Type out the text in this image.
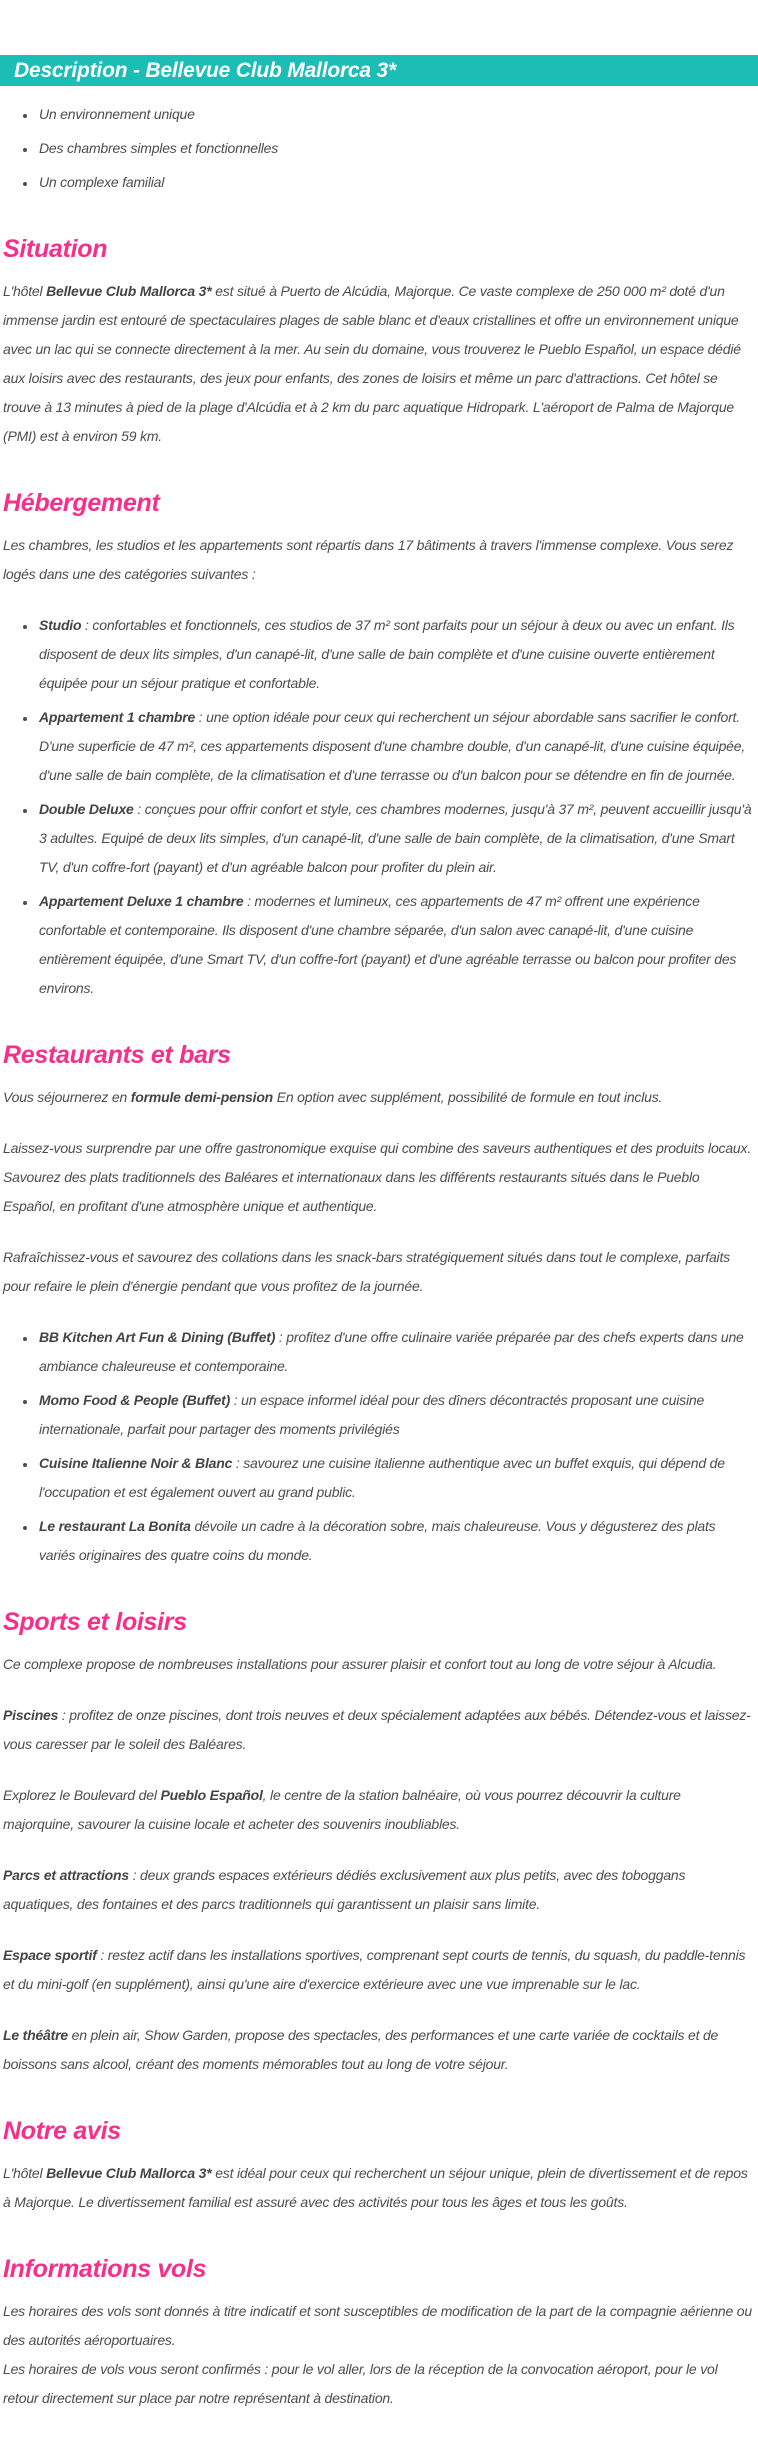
Description - Bellevue Club Mallorca 3*
• Un environnement unique
• Des chambres simples et fonctionnelles
• Un complexe familial
Situation

L'hôtel Bellevue Club Mallorca 3* est situé à Puerto de Alcúdia, Majorque. Ce vaste complexe de 250 000 m² doté d'un immense jardin est entouré de spectaculaires plages de sable blanc et d'eaux cristallines et offre un environnement unique avec un lac qui se connecte directement à la mer. Au sein du domaine, vous trouverez le Pueblo Español, un espace dédié aux loisirs avec des restaurants, des jeux pour enfants, des zones de loisirs et même un parc d'attractions. Cet hôtel se trouve à 13 minutes à pied de la plage d'Alcúdia et à 2 km du parc aquatique Hidropark. L'aéroport de Palma de Majorque (PMI) est à environ 59 km.

Hébergement

Les chambres, les studios et les appartements sont répartis dans 17 bâtiments à travers l'immense complexe. Vous serez logés dans une des catégories suivantes :

• Studio : confortables et fonctionnels, ces studios de 37 m² sont parfaits pour un séjour à deux ou avec un enfant. Ils disposent de deux lits simples, d'un canapé-lit, d'une salle de bain complète et d'une cuisine ouverte entièrement équipée pour un séjour pratique et confortable.
• Appartement 1 chambre : une option idéale pour ceux qui recherchent un séjour abordable sans sacrifier le confort. D'une superficie de 47 m², ces appartements disposent d'une chambre double, d'un canapé-lit, d'une cuisine équipée, d'une salle de bain complète, de la climatisation et d'une terrasse ou d'un balcon pour se détendre en fin de journée.
• Double Deluxe : conçues pour offrir confort et style, ces chambres modernes, jusqu'à 37 m², peuvent accueillir jusqu'à 3 adultes. Equipé de deux lits simples, d'un canapé-lit, d'une salle de bain complète, de la climatisation, d'une Smart TV, d'un coffre-fort (payant) et d'un agréable balcon pour profiter du plein air.
• Appartement Deluxe 1 chambre : modernes et lumineux, ces appartements de 47 m² offrent une expérience confortable et contemporaine. Ils disposent d'une chambre séparée, d'un salon avec canapé-lit, d'une cuisine entièrement équipée, d'une Smart TV, d'un coffre-fort (payant) et d'une agréable terrasse ou balcon pour profiter des environs.
Restaurants et bars

Vous séjournerez en formule demi-pension En option avec supplément, possibilité de formule en tout inclus.

Laissez-vous surprendre par une offre gastronomique exquise qui combine des saveurs authentiques et des produits locaux. Savourez des plats traditionnels des Baléares et internationaux dans les différents restaurants situés dans le Pueblo Español, en profitant d'une atmosphère unique et authentique.

Rafraîchissez-vous et savourez des collations dans les snack-bars stratégiquement situés dans tout le complexe, parfaits pour refaire le plein d'énergie pendant que vous profitez de la journée.

• BB Kitchen Art Fun & Dining (Buffet) : profitez d'une offre culinaire variée préparée par des chefs experts dans une ambiance chaleureuse et contemporaine.
• Momo Food & People (Buffet) : un espace informel idéal pour des dîners décontractés proposant une cuisine internationale, parfait pour partager des moments privilégiés
• Cuisine Italienne Noir & Blanc : savourez une cuisine italienne authentique avec un buffet exquis, qui dépend de l'occupation et est également ouvert au grand public.
• Le restaurant La Bonita dévoile un cadre à la décoration sobre, mais chaleureuse. Vous y dégusterez des plats variés originaires des quatre coins du monde.
Sports et loisirs

Ce complexe propose de nombreuses installations pour assurer plaisir et confort tout au long de votre séjour à Alcudia.

Piscines : profitez de onze piscines, dont trois neuves et deux spécialement adaptées aux bébés. Détendez-vous et laissez-vous caresser par le soleil des Baléares.

Explorez le Boulevard del Pueblo Español, le centre de la station balnéaire, où vous pourrez découvrir la culture majorquine, savourer la cuisine locale et acheter des souvenirs inoubliables.

Parcs et attractions : deux grands espaces extérieurs dédiés exclusivement aux plus petits, avec des toboggans aquatiques, des fontaines et des parcs traditionnels qui garantissent un plaisir sans limite.

Espace sportif : restez actif dans les installations sportives, comprenant sept courts de tennis, du squash, du paddle-tennis et du mini-golf (en supplément), ainsi qu'une aire d'exercice extérieure avec une vue imprenable sur le lac.

Le théâtre en plein air, Show Garden, propose des spectacles, des performances et une carte variée de cocktails et de boissons sans alcool, créant des moments mémorables tout au long de votre séjour.

Notre avis

L'hôtel Bellevue Club Mallorca 3* est idéal pour ceux qui recherchent un séjour unique, plein de divertissement et de repos à Majorque. Le divertissement familial est assuré avec des activités pour tous les âges et tous les goûts.

Informations vols

Les horaires des vols sont donnés à titre indicatif et sont susceptibles de modification de la part de la compagnie aérienne ou des autorités aéroportuaires.

Les horaires de vols vous seront confirmés : pour le vol aller, lors de la réception de la convocation aéroport, pour le vol retour directement sur place par notre représentant à destination.
